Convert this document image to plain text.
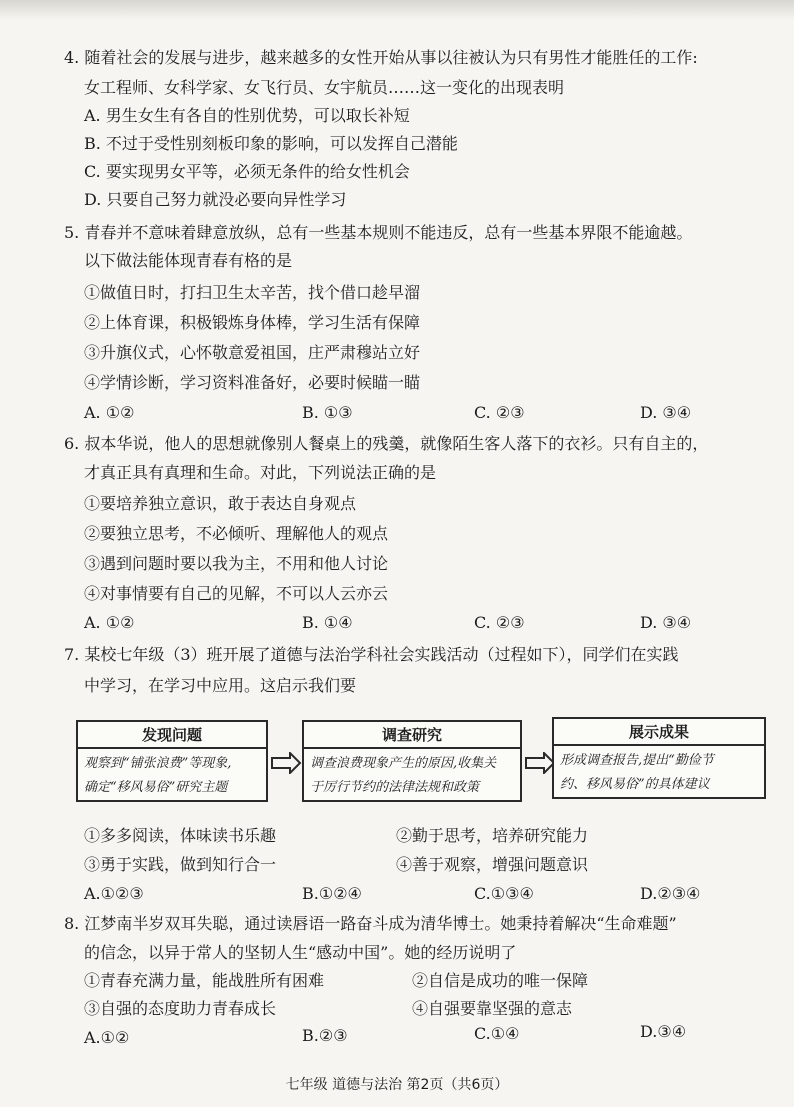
4. 随着社会的发展与进步，越来越多的女性开始从事以往被认为只有男性才能胜任的工作:
女工程师、女科学家、女飞行员、女宇航员……这一变化的出现表明
A. 男生女生有各自的性别优势，可以取长补短
B. 不过于受性别刻板印象的影响，可以发挥自己潜能
C. 要实现男女平等，必须无条件的给女性机会
D. 只要自己努力就没必要向异性学习
5. 青春并不意味着肆意放纵，总有一些基本规则不能违反，总有一些基本界限不能逾越。
以下做法能体现青春有格的是
①做值日时，打扫卫生太辛苦，找个借口趁早溜
②上体育课，积极锻炼身体棒，学习生活有保障
③升旗仪式，心怀敬意爱祖国，庄严肃穆站立好
④学情诊断，学习资料准备好，必要时候瞄一瞄
A. ①②	B. ①③	C. ②③	D. ③④
6. 叔本华说，他人的思想就像别人餐桌上的残羹，就像陌生客人落下的衣衫。只有自主的，
才真正具有真理和生命。对此，下列说法正确的是
①要培养独立意识，敢于表达自身观点
②要独立思考，不必倾听、理解他人的观点
③遇到问题时要以我为主，不用和他人讨论
④对事情要有自己的见解，不可以人云亦云
A. ①②	B. ①④	C. ②③	D. ③④
7. 某校七年级（3）班开展了道德与法治学科社会实践活动（过程如下），同学们在实践
中学习，在学习中应用。这启示我们要
发现问题
观察到“铺张浪费”等现象,
确定“移风易俗”研究主题
调查研究
调查浪费现象产生的原因,收集关
于厉行节约的法律法规和政策
展示成果
形成调查报告,提出“勤俭节
约、移风易俗”的具体建议
①多多阅读，体味读书乐趣	②勤于思考，培养研究能力
③勇于实践，做到知行合一	④善于观察，增强问题意识
A.①②③	B.①②④	C.①③④	D.②③④
8. 江梦南半岁双耳失聪，通过读唇语一路奋斗成为清华博士。她秉持着解决“生命难题”
的信念，以异于常人的坚韧人生“感动中国”。她的经历说明了
①青春充满力量，能战胜所有困难	②自信是成功的唯一保障
③自强的态度助力青春成长	④自强要靠坚强的意志
A.①②	B.②③	C.①④	D.③④
七年级 道德与法治 第2页（共6页）
